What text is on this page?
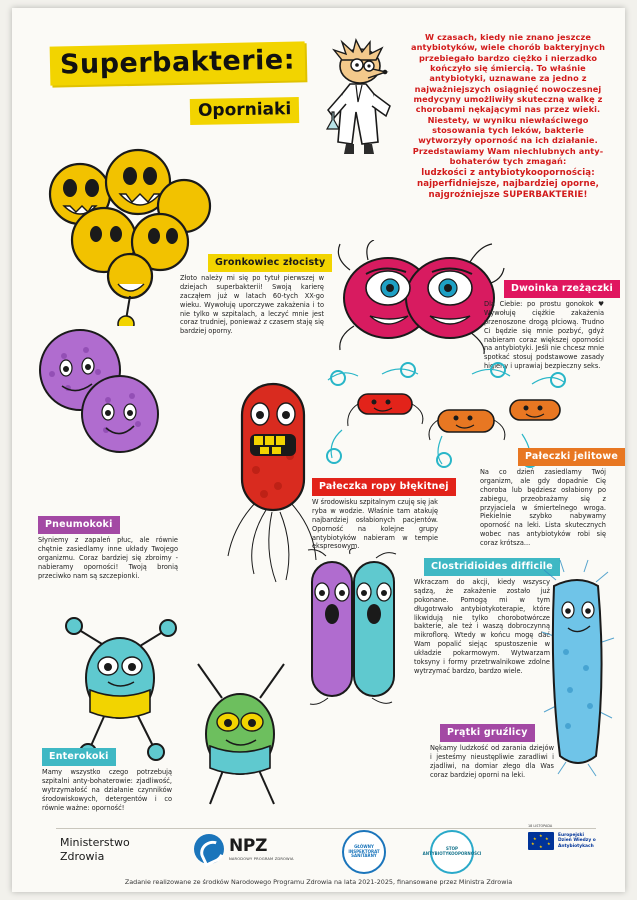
Superbakterie:
Oporniaki
W czasach, kiedy nie znano jeszcze antybiotyków, wiele chorób bakteryjnych przebiegało bardzo ciężko i nierzadko kończyło się śmiercią. To właśnie antybiotyki, uznawane za jedno z najważniejszych osiągnięć nowoczesnej medycyny umożliwiły skuteczną walkę z chorobami nękającymi nas przez wieki. Niestety, w wyniku niewłaściwego stosowania tych leków, bakterie wytworzyły oporność na ich działanie. Przedstawiamy Wam niechlubnych anty-bohaterów tych zmagań:
ludzkości z antybiotykoopornością: najperfidniejsze, najbardziej oporne, najgroźniejsze SUPERBAKTERIE!
Gronkowiec złocisty
Złoto należy mi się po tytuł pierwszej w dziejach superbakterii! Swoją karierę zacząłem już w latach 60-tych XX-go wieku. Wywołuję uporczywe zakażenia i to nie tylko w szpitalach, a leczyć mnie jest coraz trudniej, ponieważ z czasem staję się bardziej oporny.
Dwoinka rzeżączki
Dla Ciebie: po prostu gonokok ♥ Wywołuję ciężkie zakażenia przenoszone drogą płciową. Trudno Ci będzie się mnie pozbyć, gdyż nabieram coraz większej oporności na antybiotyki. Jeśli nie chcesz mnie spotkać stosuj podstawowe zasady higieny i uprawiaj bezpieczny seks.
Pneumokoki
Słyniemy z zapaleń płuc, ale równie chętnie zasiedlamy inne układy Twojego organizmu. Coraz bardziej się zbroimy - nabieramy oporności! Twoją bronią przeciwko nam są szczepionki.
Pałeczka ropy błękitnej
W środowisku szpitalnym czuję się jak ryba w wodzie. Właśnie tam atakuję najbardziej osłabionych pacjentów. Oporność na kolejne grupy antybiotyków nabieram w tempie ekspresowym.
Pałeczki jelitowe
Na co dzień zasiedlamy Twój organizm, ale gdy dopadnie Cię choroba lub będziesz osłabiony po zabiegu, przeobrażamy się z przyjaciela w śmiertelnego wroga. Piekielnie szybko nabywamy oporność na leki. Lista skutecznych wobec nas antybiotyków robi się coraz krótsza...
Clostridioides difficile
Wkraczam do akcji, kiedy wszyscy sądzą, że zakażenie zostało już pokonane. Pomogą mi w tym długotrwało antybiotykoterapie, które likwidują nie tylko chorobotwórcze bakterie, ale też i waszą dobroczynną mikroflorę. Wtedy w końcu mogę dać Wam popalić siejąc spustoszenie w układzie pokarmowym. Wytwarzam toksyny i formy przetrwalnikowe zdolne wytrzymać bardzo, bardzo wiele.
Prątki gruźlicy
Nękamy ludzkość od zarania dziejów i jesteśmy nieustępliwie zaradliwi i zjadliwi, na domiar złego dla Was coraz bardziej oporni na leki.
Enterokoki
Mamy wszystko czego potrzebują szpitalni anty-bohaterowie: zjadliwość, wytrzymałość na działanie czynników środowiskowych, detergentów i co równie ważne: oporność!
Ministerstwo
Zdrowia
NPZ
NARODOWY PROGRAM ZDROWIA
GŁÓWNY INSPEKTORAT SANITARNY
STOP ANTYBIOTYKOOPORNOŚCI
18 LISTOPADA
★
★ ★
★	★
★
Europejski
Dzień Wiedzy o
Antybiotykach
Zadanie realizowane ze środków Narodowego Programu Zdrowia na lata 2021-2025, finansowane przez Ministra Zdrowia
